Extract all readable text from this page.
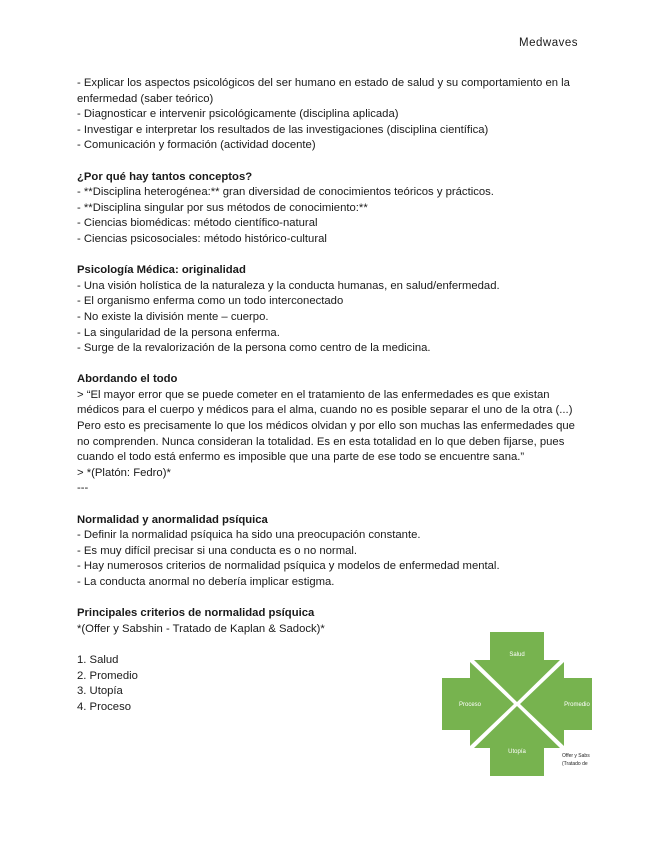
Medwaves

- Explicar los aspectos psicológicos del ser humano en estado de salud y su comportamiento en la enfermedad (saber teórico)

- Diagnosticar e intervenir psicológicamente (disciplina aplicada)

- Investigar e interpretar los resultados de las investigaciones (disciplina científica)

- Comunicación y formación (actividad docente)

¿Por qué hay tantos conceptos?

- **Disciplina heterogénea:** gran diversidad de conocimientos teóricos y prácticos.

- **Disciplina singular por sus métodos de conocimiento:**

- Ciencias biomédicas: método científico-natural

- Ciencias psicosociales: método histórico-cultural

Psicología Médica: originalidad

- Una visión holística de la naturaleza y la conducta humanas, en salud/enfermedad.

- El organismo enferma como un todo interconectado

- No existe la división mente – cuerpo.

- La singularidad de la persona enferma.

- Surge de la revalorización de la persona como centro de la medicina.

Abordando el todo

> “El mayor error que se puede cometer en el tratamiento de las enfermedades es que existan médicos para el cuerpo y médicos para el alma, cuando no es posible separar el uno de la otra (...) Pero esto es precisamente lo que los médicos olvidan y por ello son muchas las enfermedades que no comprenden. Nunca consideran la totalidad. Es en esta totalidad en lo que deben fijarse, pues cuando el todo está enfermo es imposible que una parte de ese todo se encuentre sana.”

> *(Platón: Fedro)*

---

Normalidad y anormalidad psíquica

- Definir la normalidad psíquica ha sido una preocupación constante.

- Es muy difícil precisar si una conducta es o no normal.

- Hay numerosos criterios de normalidad psíquica y modelos de enfermedad mental.

- La conducta anormal no debería implicar estigma.

Principales criterios de normalidad psíquica

*(Offer y Sabshin - Tratado de Kaplan & Sadock)*

1. Salud

2. Promedio

3. Utopía

4. Proceso

Salud
Promedio
Utopía
Proceso
Offer y Sabs
(Tratado de
